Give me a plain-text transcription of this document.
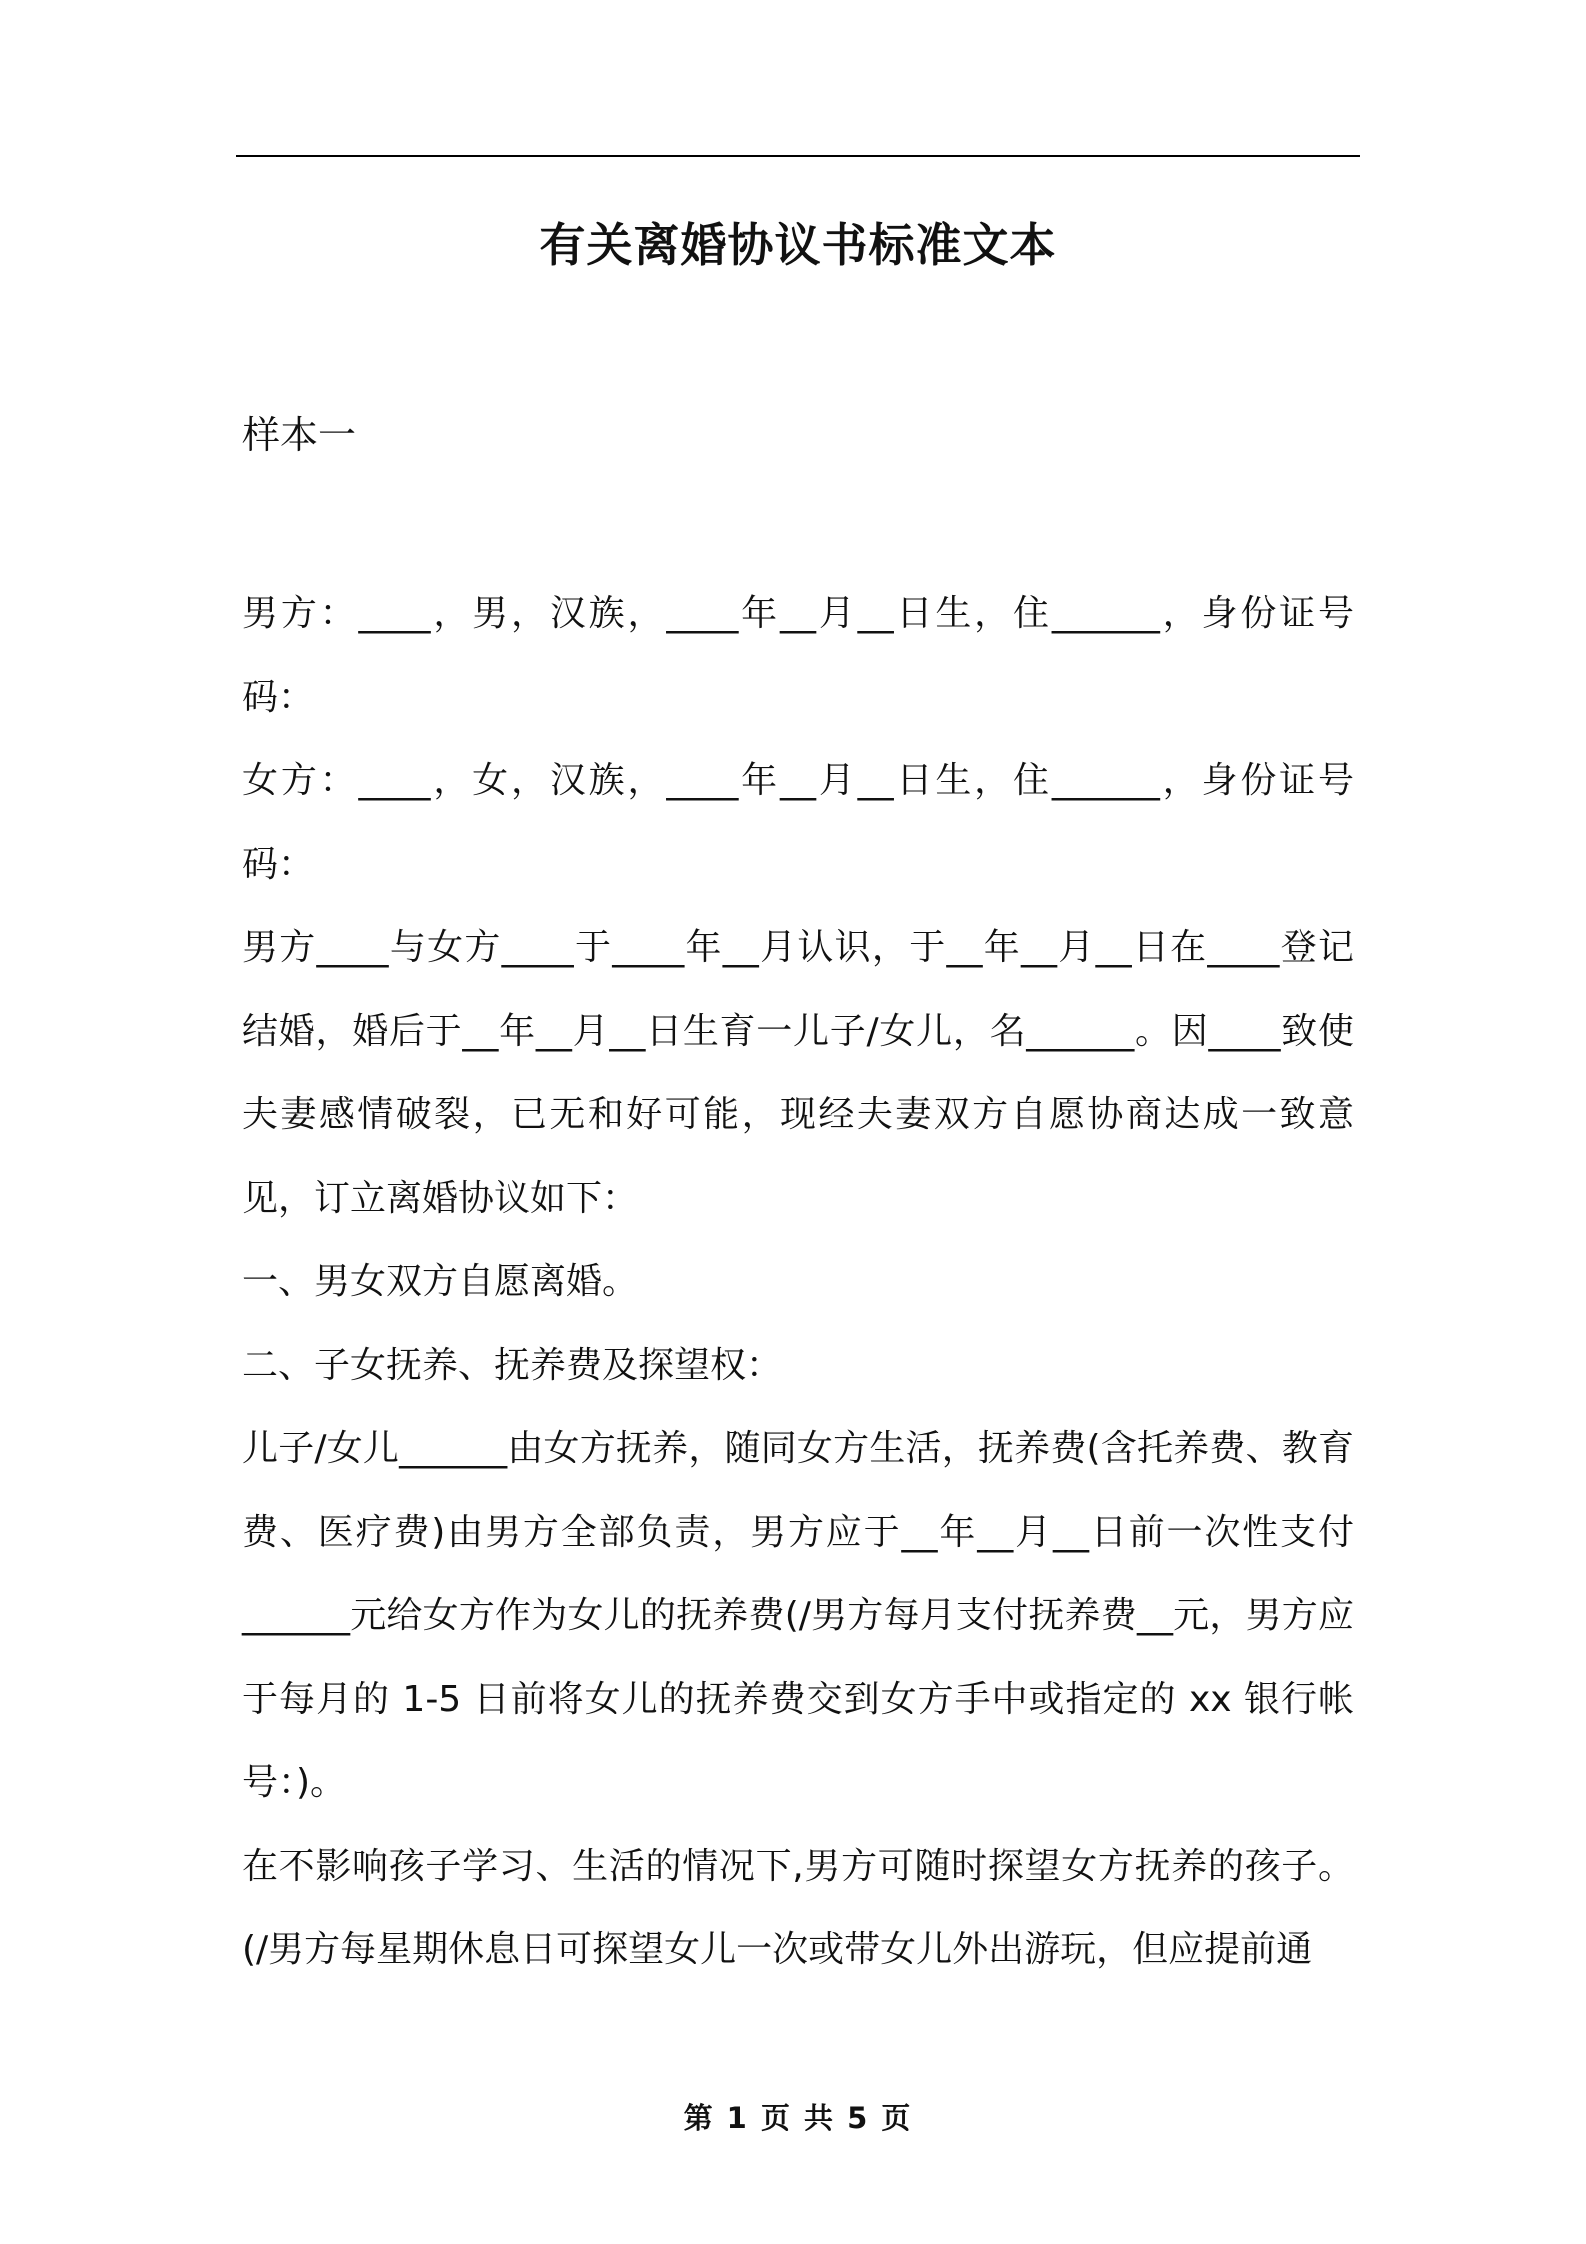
有关离婚协议书标准文本
样本一

男方：____，男，汉族，____年__月__日生，住______，身份证号码：

女方：____，女，汉族，____年__月__日生，住______，身份证号码：

男方____与女方____于____年__月认识，于__年__月__日在____登记结婚，婚后于__年__月__日生育一儿子/女儿，名______。因____致使夫妻感情破裂，已无和好可能，现经夫妻双方自愿协商达成一致意见，订立离婚协议如下：

一、男女双方自愿离婚。

二、子女抚养、抚养费及探望权：

儿子/女儿______由女方抚养，随同女方生活，抚养费(含托养费、教育费、医疗费)由男方全部负责，男方应于__年__月__日前一次性支付______元给女方作为女儿的抚养费(/男方每月支付抚养费__元，男方应于每月的 1-5 日前将女儿的抚养费交到女方手中或指定的 xx 银行帐号：)。

在不影响孩子学习、生活的情况下,男方可随时探望女方抚养的孩子。(/男方每星期休息日可探望女儿一次或带女儿外出游玩，但应提前通

第 1 页 共 5 页
